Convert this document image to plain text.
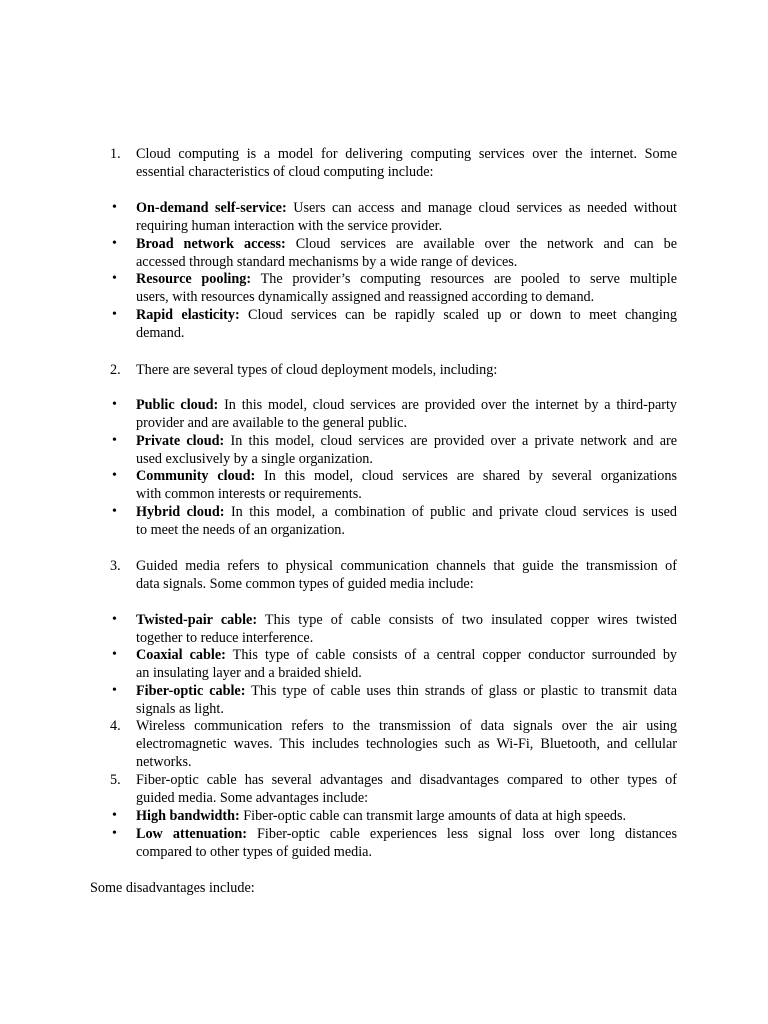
1.	Cloud computing is a model for delivering computing services over the internet. Some
essential characteristics of cloud computing include:
•
On-demand self-service: Users can access and manage cloud services as needed without
requiring human interaction with the service provider.
•
Broad network access: Cloud services are available over the network and can be
accessed through standard mechanisms by a wide range of devices.
•
Resource pooling: The provider’s computing resources are pooled to serve multiple
users, with resources dynamically assigned and reassigned according to demand.
•
Rapid elasticity: Cloud services can be rapidly scaled up or down to meet changing
demand.
2.	There are several types of cloud deployment models, including:
•
Public cloud: In this model, cloud services are provided over the internet by a third-party
provider and are available to the general public.
•
Private cloud: In this model, cloud services are provided over a private network and are
used exclusively by a single organization.
•
Community cloud: In this model, cloud services are shared by several organizations
with common interests or requirements.
•
Hybrid cloud: In this model, a combination of public and private cloud services is used
to meet the needs of an organization.
3.	Guided media refers to physical communication channels that guide the transmission of
data signals. Some common types of guided media include:
•
Twisted-pair cable: This type of cable consists of two insulated copper wires twisted
together to reduce interference.
•
Coaxial cable: This type of cable consists of a central copper conductor surrounded by
an insulating layer and a braided shield.
•
Fiber-optic cable: This type of cable uses thin strands of glass or plastic to transmit data
signals as light.
4.	Wireless communication refers to the transmission of data signals over the air using
electromagnetic waves. This includes technologies such as Wi-Fi, Bluetooth, and cellular
networks.
5.	Fiber-optic cable has several advantages and disadvantages compared to other types of
guided media. Some advantages include:
•
High bandwidth: Fiber-optic cable can transmit large amounts of data at high speeds.
•
Low attenuation: Fiber-optic cable experiences less signal loss over long distances
compared to other types of guided media.
Some disadvantages include:
